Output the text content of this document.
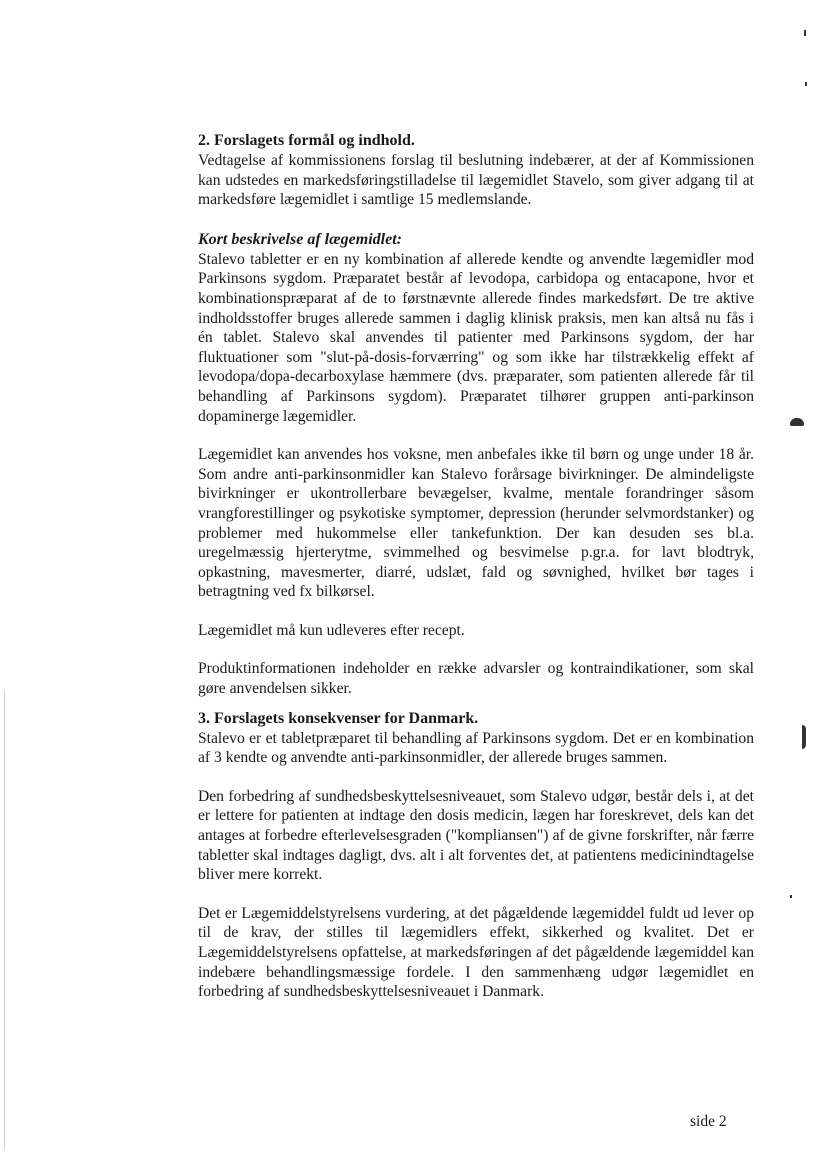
2. Forslagets formål og indhold.

Vedtagelse af kommissionens forslag til beslutning indebærer, at der af Kommissionen kan udstedes en markedsføringstilladelse til lægemidlet Stavelo, som giver adgang til at markedsføre lægemidlet i samtlige 15 medlemslande.

Kort beskrivelse af lægemidlet:

Stalevo tabletter er en ny kombination af allerede kendte og anvendte lægemidler mod Parkinsons sygdom. Præparatet består af levodopa, carbidopa og entacapone, hvor et kombinationspræparat af de to førstnævnte allerede findes markedsført. De tre aktive indholdsstoffer bruges allerede sammen i daglig klinisk praksis, men kan altså nu fås i én tablet. Stalevo skal anvendes til patienter med Parkinsons sygdom, der har fluktuationer som "slut-på-dosis-forværring" og som ikke har tilstrækkelig effekt af levodopa/dopa-decarboxylase hæmmere (dvs. præparater, som patienten allerede får til behandling af Parkinsons sygdom). Præparatet tilhører gruppen anti-parkinson dopaminerge lægemidler.

Lægemidlet kan anvendes hos voksne, men anbefales ikke til børn og unge under 18 år. Som andre anti-parkinsonmidler kan Stalevo forårsage bivirkninger. De almindeligste bivirkninger er ukontrollerbare bevægelser, kvalme, mentale forandringer såsom vrangforestillinger og psykotiske symptomer, depression (herunder selvmordstanker) og problemer med hukommelse eller tankefunktion. Der kan desuden ses bl.a. uregelmæssig hjerterytme, svimmelhed og besvimelse p.gr.a. for lavt blodtryk, opkastning, mavesmerter, diarré, udslæt, fald og søvnighed, hvilket bør tages i betragtning ved fx bilkørsel.

Lægemidlet må kun udleveres efter recept.

Produktinformationen indeholder en række advarsler og kontraindikationer, som skal gøre anvendelsen sikker.

3. Forslagets konsekvenser for Danmark.

Stalevo er et tabletpræparet til behandling af Parkinsons sygdom. Det er en kombination af 3 kendte og anvendte anti-parkinsonmidler, der allerede bruges sammen.

Den forbedring af sundhedsbeskyttelsesniveauet, som Stalevo udgør, består dels i, at det er lettere for patienten at indtage den dosis medicin, lægen har foreskrevet, dels kan det antages at forbedre efterlevelsesgraden ("kompliansen") af de givne forskrifter, når færre tabletter skal indtages dagligt, dvs. alt i alt forventes det, at patientens medicinindtagelse bliver mere korrekt.

Det er Lægemiddelstyrelsens vurdering, at det pågældende lægemiddel fuldt ud lever op til de krav, der stilles til lægemidlers effekt, sikkerhed og kvalitet. Det er Lægemiddelstyrelsens opfattelse, at markedsføringen af det pågældende lægemiddel kan indebære behandlingsmæssige fordele. I den sammenhæng udgør lægemidlet en forbedring af sundhedsbeskyttelsesniveauet i Danmark.

side 2
